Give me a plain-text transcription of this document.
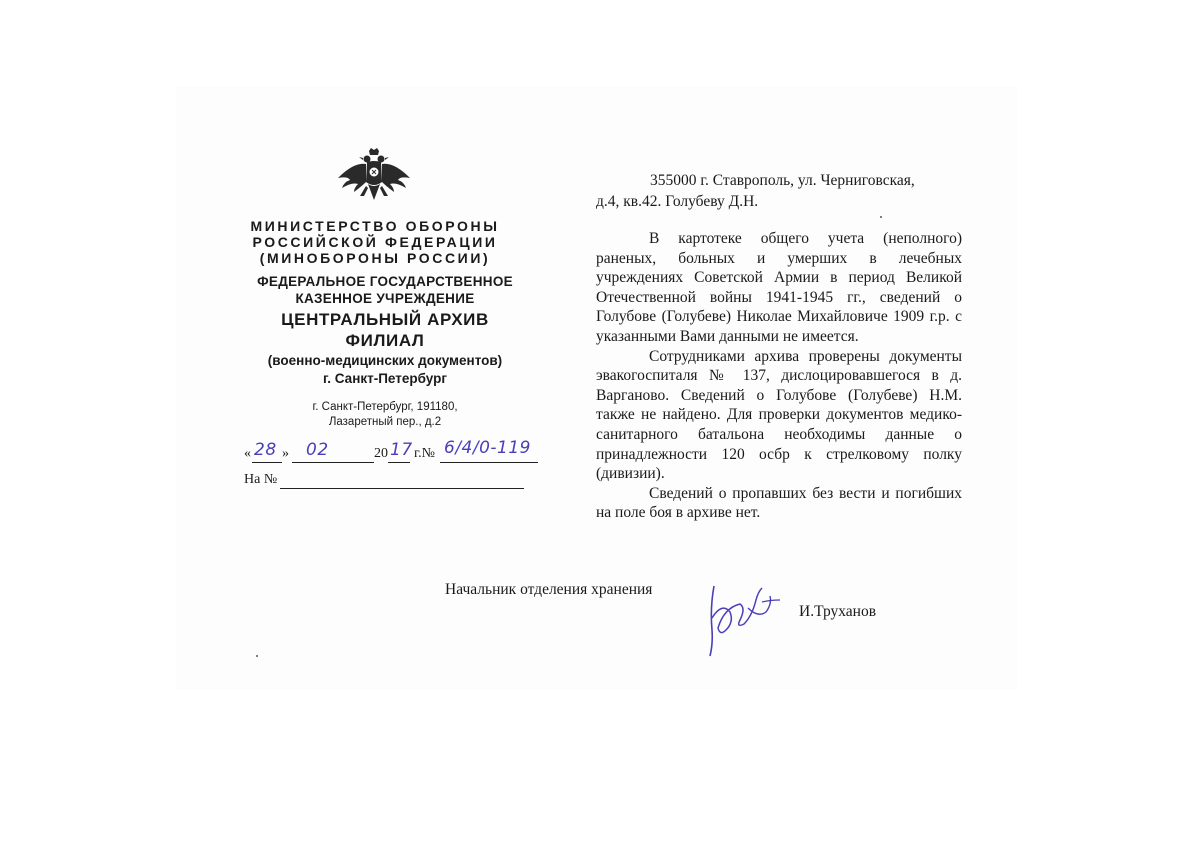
МИНИСТЕРСТВО ОБОРОНЫ
РОССИЙСКОЙ ФЕДЕРАЦИИ
(МИНОБОРОНЫ РОССИИ)
ФЕДЕРАЛЬНОЕ ГОСУДАРСТВЕННОЕ
КАЗЕННОЕ УЧРЕЖДЕНИЕ
ЦЕНТРАЛЬНЫЙ АРХИВ
ФИЛИАЛ
(военно-медицинских документов)
г. Санкт-Петербург
г. Санкт-Петербург, 191180,
Лазаретный пер., д.2
« 28 » 02	20 17 г.№ 6/4/0-119
На №
355000 г. Ставрополь, ул. Черниговская,
д.4, кв.42. Голубеву Д.Н.

В картотеке общего учета (неполного) раненых, больных и умерших в лечебных учреждениях Советской Армии в период Великой Отечественной войны 1941-1945 гг., сведений о Голубове (Голубеве) Николае Михайловиче 1909 г.р. с указанными Вами данными не имеется.

Сотрудниками архива проверены документы эвакогоспиталя № 137, дислоцировавшегося в д. Варганово. Сведений о Голубове (Голубеве) Н.М. также не найдено. Для проверки документов медико-санитарного батальона необходимы данные о принадлежности 120 осбр к стрелковому полку (дивизии).

Сведений о пропавших без вести и погибших на поле боя в архиве нет.

Начальник отделения хранения
И.Труханов
